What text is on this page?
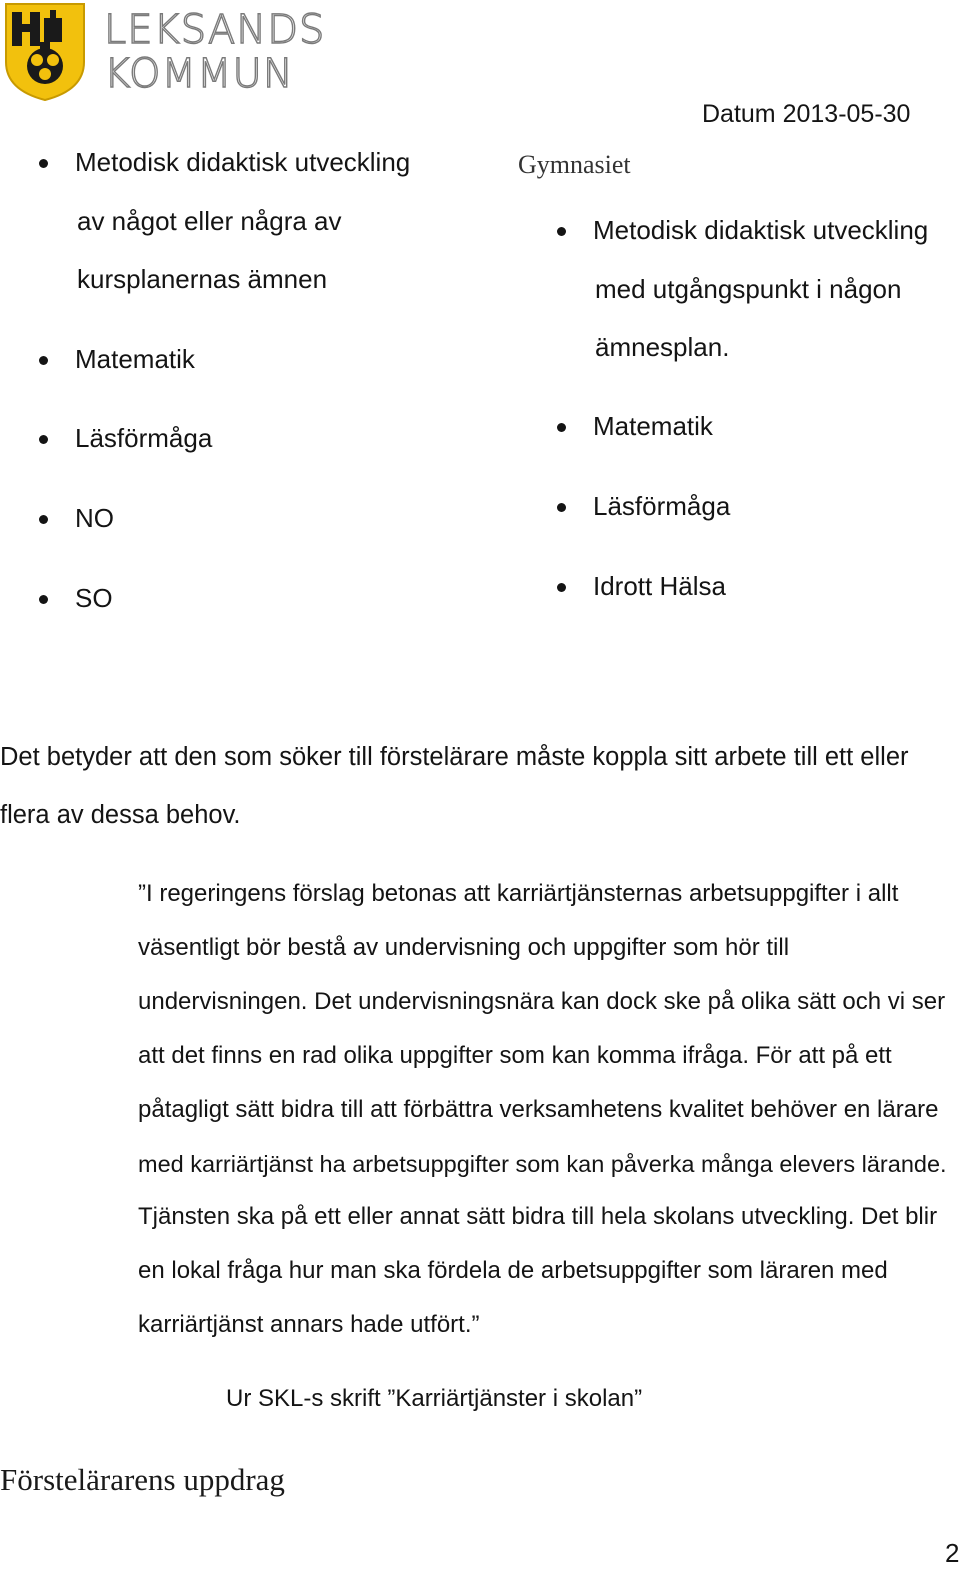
LEKSANDS
KOMMUN
Datum 2013-05-30
Metodisk didaktisk utveckling
av något eller några av
kursplanernas ämnen
Matematik
Läsförmåga
NO
SO
Gymnasiet
Metodisk didaktisk utveckling
med utgångspunkt i någon
ämnesplan.
Matematik
Läsförmåga
Idrott Hälsa
Det betyder att den som söker till förstelärare måste koppla sitt arbete till ett eller
flera av dessa behov.
”I regeringens förslag betonas att karriärtjänsternas arbetsuppgifter i allt
väsentligt bör bestå av undervisning och uppgifter som hör till
undervisningen. Det undervisningsnära kan dock ske på olika sätt och vi ser
att det finns en rad olika uppgifter som kan komma ifråga. För att på ett
påtagligt sätt bidra till att förbättra verksamhetens kvalitet behöver en lärare
med karriärtjänst ha arbetsuppgifter som kan påverka många elevers lärande.
Tjänsten ska på ett eller annat sätt bidra till hela skolans utveckling. Det blir
en lokal fråga hur man ska fördela de arbetsuppgifter som läraren med
karriärtjänst annars hade utfört.”
Ur SKL-s skrift ”Karriärtjänster i skolan”
Förstelärarens uppdrag
2
